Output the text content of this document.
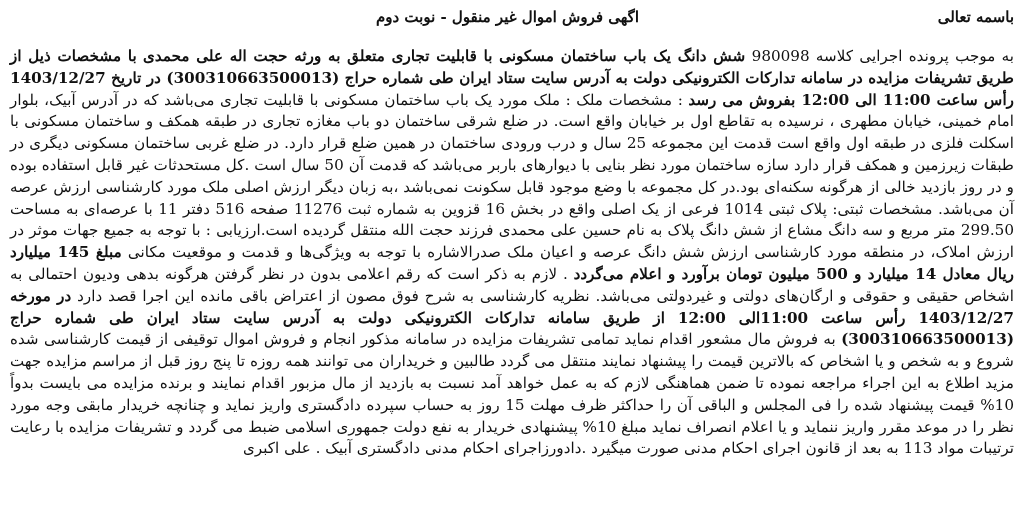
باسمه تعالی
اگهی فروش اموال غیر منقول - نوبت دوم

به موجب پرونده اجرایی کلاسه 980098 شش دانگ یک باب ساختمان مسکونی با قابلیت تجاری متعلق به ورثه حجت اله علی محمدی با مشخصات ذیل از طریق تشریفات مزایده در سامانه تدارکات الکترونیکی دولت به آدرس سایت ستاد ایران طی شماره حراج (300310663500013) در تاریخ 1403/12/27 رأس ساعت 11:00 الی 12:00 بفروش می رسد : مشخصات ملک : ملک مورد یک باب ساختمان مسکونی با قابلیت تجاری می‌باشد که در آدرس آبیک، بلوار امام خمینی، خیابان مطهری ، نرسیده به تقاطع اول بر خیابان واقع است. در ضلع شرقی ساختمان دو باب مغازه تجاری در طبقه همکف و ساختمان مسکونی با اسکلت فلزی در طبقه اول واقع است قدمت این مجموعه 25 سال و درب ورودی ساختمان در همین ضلع قرار دارد. در ضلع غربی ساختمان مسکونی دیگری در طبقات زیرزمین و همکف قرار دارد سازه ساختمان مورد نظر بنایی با دیوارهای باربر می‌باشد که قدمت آن 50 سال است .کل مستحدثات غیر قابل استفاده بوده و در روز بازدید خالی از هرگونه سکنه‌ای بود.در کل مجموعه با وضع موجود قابل سکونت نمی‌باشد ،به زبان دیگر ارزش اصلی ملک مورد کارشناسی ارزش عرصه آن می‌باشد. مشخصات ثبتی: پلاک ثبتی 1014 فرعی از یک اصلی واقع در بخش 16 قزوین به شماره ثبت 11276 صفحه 516 دفتر 11 با عرصه‌ای به مساحت 299.50 متر مربع و سه دانگ مشاع از شش دانگ پلاک به نام حسین علی محمدی فرزند حجت الله منتقل گردیده است.ارزیابی : با توجه به جمیع جهات موثر در ارزش املاک، در منطقه مورد کارشناسی ارزش شش دانگ عرصه و اعیان ملک صدرالاشاره با توجه به ویژگی‌ها و قدمت و موقعیت مکانی مبلغ 145 میلیارد ریال معادل 14 میلیارد و 500 میلیون تومان برآورد و اعلام می‌گردد . لازم به ذکر است که رقم اعلامی بدون در نظر گرفتن هرگونه بدهی ودیون احتمالی به اشخاص حقیقی و حقوقی و ارگان‌های دولتی و غیردولتی می‌باشد. نظریه کارشناسی به شرح فوق مصون از اعتراض باقی مانده این اجرا قصد دارد در مورخه 1403/12/27 رأس ساعت 11:00الی 12:00 از طریق سامانه تدارکات الکترونیکی دولت به آدرس سایت ستاد ایران طی شماره حراج (300310663500013) به فروش مال مشعور اقدام نماید تمامی تشریفات مزایده در سامانه مذکور انجام و فروش اموال توقیفی از قیمت کارشناسی شده شروع و به شخص و یا اشخاص که بالاترین قیمت را پیشنهاد نمایند منتقل می گردد طالبین و خریداران می توانند همه روزه تا پنج روز قبل از مراسم مزایده جهت مزید اطلاع به این اجراء مراجعه نموده تا ضمن هماهنگی لازم که به عمل خواهد آمد نسبت به بازدید از مال مزبور اقدام نمایند و برنده مزایده می بایست بدواً 10% قیمت پیشنهاد شده را فی المجلس و الباقی آن را حداکثر ظرف مهلت 15 روز به حساب سپرده دادگستری واریز نماید و چنانچه خریدار مابقی وجه مورد نظر را در موعد مقرر واریز ننماید و یا اعلام انصراف نماید مبلغ 10% پیشنهادی خریدار به نفع دولت جمهوری اسلامی ضبط می گردد و تشریفات مزایده با رعایت ترتیبات مواد 113 به بعد از قانون اجرای احکام مدنی صورت میگیرد .دادورزاجرای احکام مدنی دادگستری آبیک . علی اکبری
